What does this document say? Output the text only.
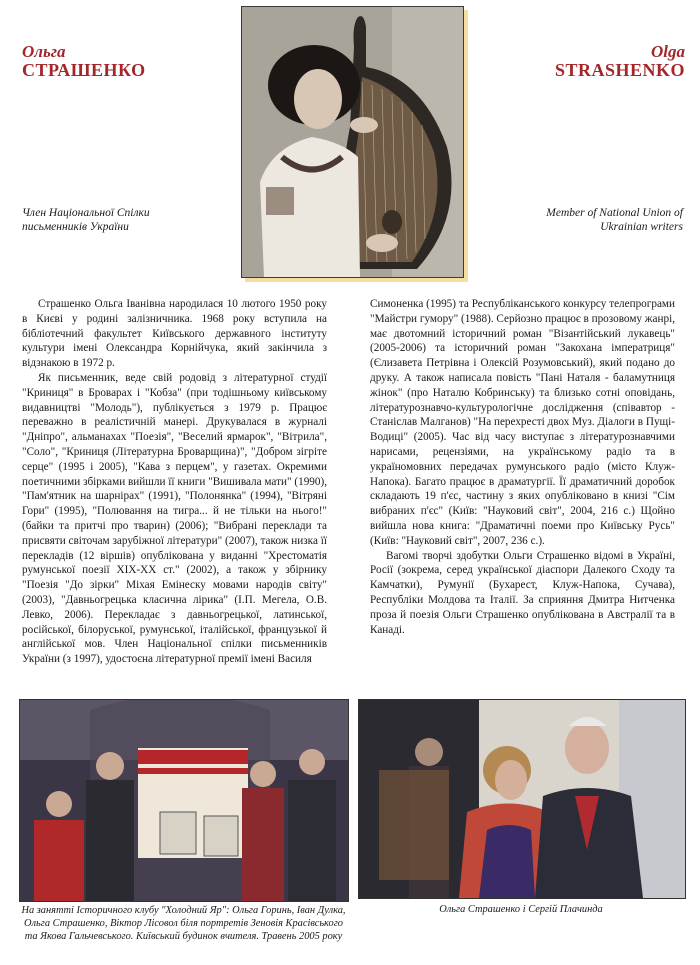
Ольга
СТРАШЕНКО
Olga
STRASHENKO
Член Національної Спілки письменників України
Member of National Union of Ukrainian writers

Страшенко Ольга Іванівна народилася 10 лютого 1950 року в Києві у родині залізничника. 1968 року вступила на бібліотечний факультет Київського державного інституту культури імені Олександра Корнійчука, який закінчила з відзнакою в 1972 р.

Як письменник, веде свій родовід з літературної студії "Криниця" в Броварах і "Кобза" (при тодішньому київському видавництві "Молодь"), публікується з 1979 р. Працює переважно в реалістичній манері. Друкувалася в журналі "Дніпро", альманахах "Поезія", "Веселий ярмарок", "Вітрила", "Соло", "Криниця (Літературна Броварщина)", "Добром зігріте серце" (1995 і 2005), "Кава з перцем", у газетах. Окремими поетичними збірками вийшли її книги "Вишивала мати" (1990), "Пам'ятник на шарнірах" (1991), "Полонянка" (1994), "Вітряні Гори" (1995), "Полювання на тигра... й не тільки на нього!" (байки та притчі про тварин) (2006); "Вибрані переклади та присвяти світочам зарубіжної літератури" (2007), також низка її перекладів (12 віршів) опублікована у виданні "Хрестоматія румунської поезії XIX-XX ст." (2002), а також у збірнику "Поезія "До зірки" Міхая Емінеску мовами народів світу" (2003), "Давньогрецька класична лірика" (І.П. Мегела, О.В. Левко, 2006). Перекладає з давньогрецької, латинської, російської, білоруської, румунської, італійської, французької й англійської мов. Член Національної спілки письменників України (з 1997), удостоєна літературної премії імені Василя

Симоненка (1995) та Республіканського конкурсу телепрограми "Майстри гумору" (1988). Серйозно працює в прозовому жанрі, має двотомний історичний роман "Візантійський лукавець" (2005-2006) та історичний роман "Закохана імператриця" (Єлизавета Петрівна і Олексій Розумовський), який подано до друку. А також написала повість "Пані Наталя - баламутниця жінок" (про Наталю Кобринську) та близько сотні оповідань, літературознавчо-культурологічне дослідження (співавтор - Станіслав Малганов) "На перехресті двох Муз. Діалоги в Пущі-Водиці" (2005). Час від часу виступає з літературознавчими нарисами, рецензіями, на українському радіо та в україномовних передачах румунського радіо (місто Клуж-Напока). Багато працює в драматургії. Її драматичний доробок складають 19 п'єс, частину з яких опубліковано в книзі "Сім вибраних п'єс" (Київ: "Науковий світ", 2004, 216 с.) Щойно вийшла нова книга: "Драматичні поеми про Київську Русь" (Київ: "Науковий світ", 2007, 236 с.).

Вагомі творчі здобутки Ольги Страшенко відомі в Україні, Росії (зокрема, серед української діаспори Далекого Сходу та Камчатки), Румунії (Бухарест, Клуж-Напока, Сучава), Республіки Молдова та Італії. За сприяння Дмитра Нитченка проза й поезія Ольги Страшенко опублікована в Австралії та в Канаді.

На занятті Історичного клубу "Холодний Яр": Ольга Горинь, Іван Дулка, Ольга Страшенко, Віктор Лісовол біля портретів Зеновія Красівського та Якова Гальчевського. Київський будинок вчителя. Травень 2005 року
Ольга Страшенко і Сергій Плачинда
